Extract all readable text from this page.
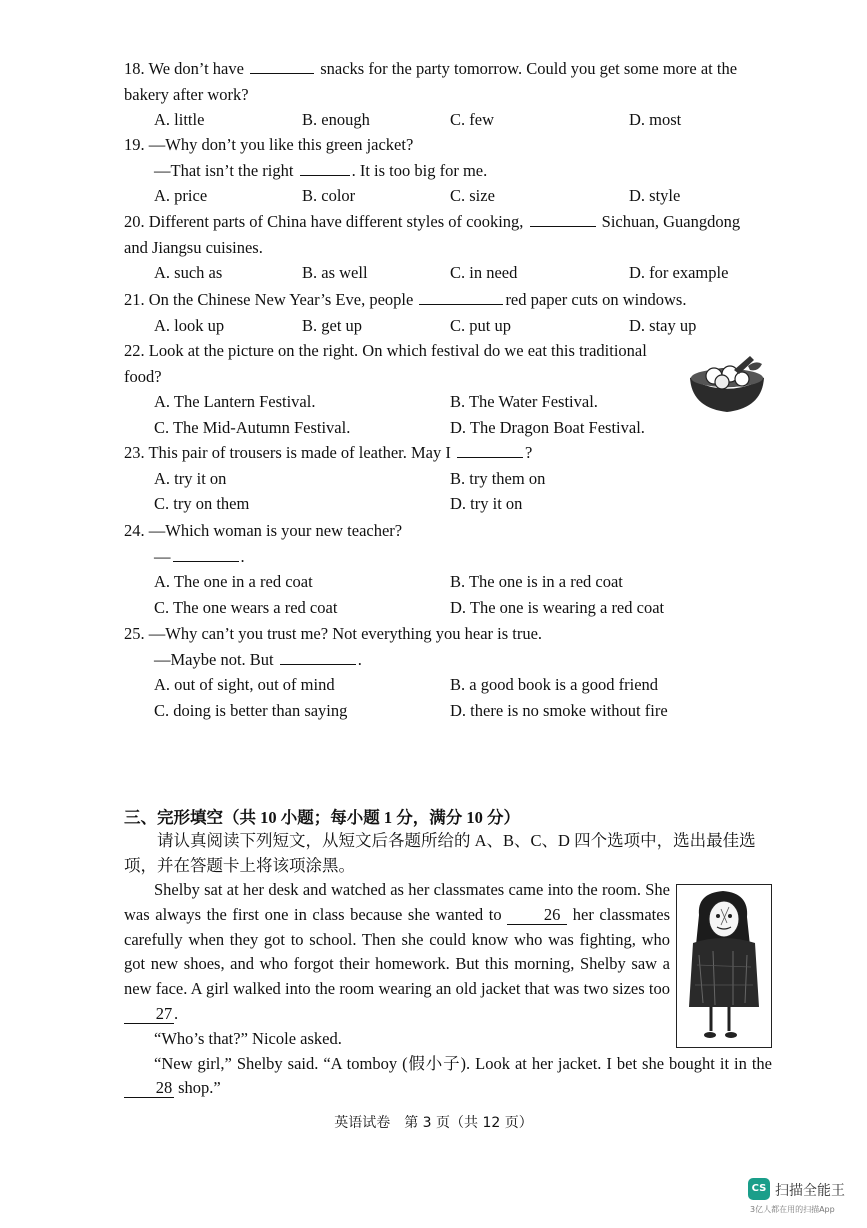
18. We don’t have	snacks for the party tomorrow. Could you get some more at the
bakery after work?
A. little	B. enough	C. few	D. most
19. —Why don’t you like this green jacket?
—That isn’t the right	. It is too big for me.
A. price	B. color	C. size	D. style
20. Different parts of China have different styles of cooking,	Sichuan, Guangdong
and Jiangsu cuisines.
A. such as	B. as well	C. in need	D. for example
21. On the Chinese New Year’s Eve, people	red paper cuts on windows.
A. look up	B. get up	C. put up	D. stay up
22. Look at the picture on the right. On which festival do we eat this traditional
food?
A. The Lantern Festival.	B. The Water Festival.
C. The Mid-Autumn Festival.	D. The Dragon Boat Festival.
23. This pair of trousers is made of leather. May I	?
A. try it on	B. try them on
C. try on them	D. try it on
24. —Which woman is your new teacher?
—	.
A. The one in a red coat	B. The one is in a red coat
C. The one wears a red coat	D. The one is wearing a red coat
25. —Why can’t you trust me? Not everything you hear is true.
—Maybe not. But	.
A. out of sight, out of mind	B. a good book is a good friend
C. doing is better than saying	D. there is no smoke without fire
三、完形填空（共 10 小题；每小题 1 分，满分 10 分）
请认真阅读下列短文，从短文后各题所给的 A、B、C、D 四个选项中，选出最佳选项，并在答题卡上将该项涂黑。

Shelby sat at her desk and watched as her classmates came into the room. She was always the first one in class because she wanted to	26 her classmates carefully when they got to school. Then she could know who was fighting, who got new shoes, and who forgot their homework. But this morning, Shelby saw a new face. A girl walked into the room wearing an old jacket that was two sizes too 27 .

“Who’s that?” Nicole asked.

“New girl,” Shelby said. “A tomboy (假小子). Look at her jacket. I bet she bought it in the 28 shop.”

英语试卷　第 3 页（共 12 页）
CS 扫描全能王
3亿人都在用的扫描App
